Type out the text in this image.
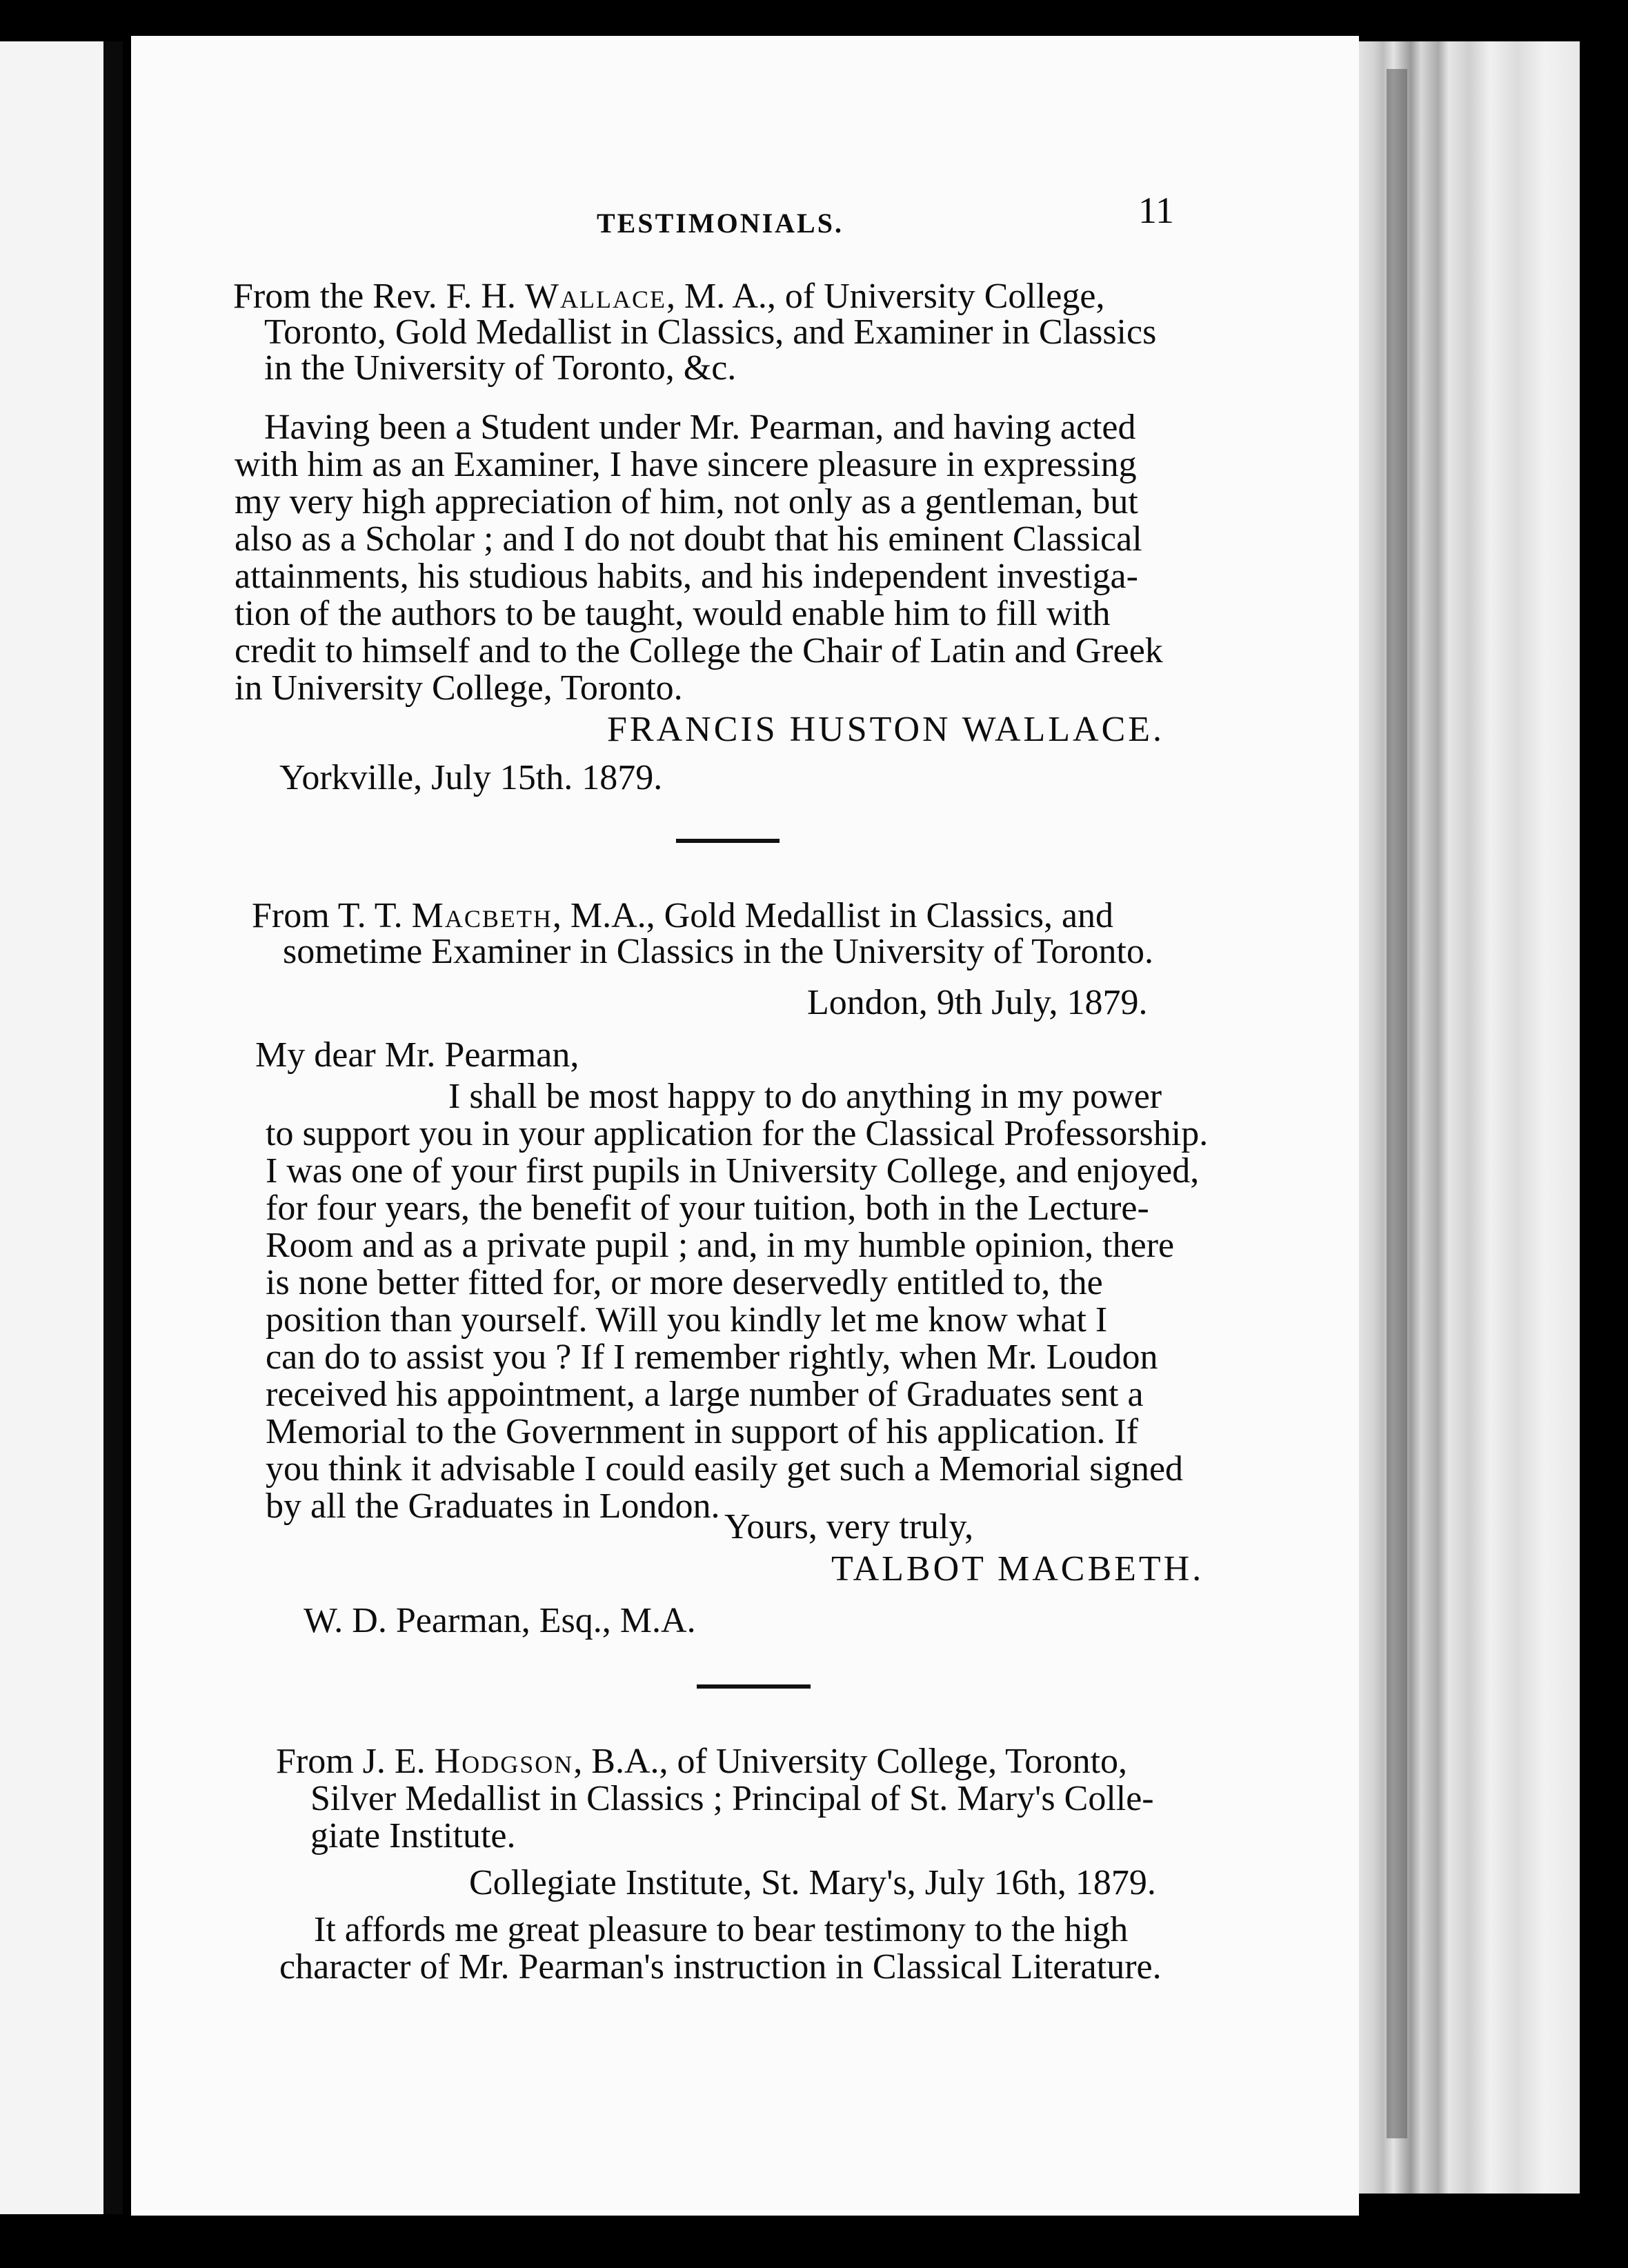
TESTIMONIALS.	11
From the Rev. F. H. Wallace, M. A., of University College,
Toronto, Gold Medallist in Classics, and Examiner in Classics
in the University of Toronto, &c.
Having been a Student under Mr. Pearman, and having acted
with him as an Examiner, I have sincere pleasure in expressing
my very high appreciation of him, not only as a gentleman, but
also as a Scholar ; and I do not doubt that his eminent Classical
attainments, his studious habits, and his independent investiga-
tion of the authors to be taught, would enable him to fill with
credit to himself and to the College the Chair of Latin and Greek
in University College, Toronto.
FRANCIS HUSTON WALLACE.
Yorkville, July 15th. 1879.
From T. T. Macbeth, M.A., Gold Medallist in Classics, and
sometime Examiner in Classics in the University of Toronto.
London, 9th July, 1879.
My dear Mr. Pearman,
I shall be most happy to do anything in my power
to support you in your application for the Classical Professorship.
I was one of your first pupils in University College, and enjoyed,
for four years, the benefit of your tuition, both in the Lecture-
Room and as a private pupil ; and, in my humble opinion, there
is none better fitted for, or more deservedly entitled to, the
position than yourself. Will you kindly let me know what I
can do to assist you ? If I remember rightly, when Mr. Loudon
received his appointment, a large number of Graduates sent a
Memorial to the Government in support of his application. If
you think it advisable I could easily get such a Memorial signed
by all the Graduates in London.
Yours, very truly,
TALBOT MACBETH.
W. D. Pearman, Esq., M.A.
From J. E. Hodgson, B.A., of University College, Toronto,
Silver Medallist in Classics ; Principal of St. Mary's Colle-
giate Institute.
Collegiate Institute, St. Mary's, July 16th, 1879.
It affords me great pleasure to bear testimony to the high
character of Mr. Pearman's instruction in Classical Literature.
